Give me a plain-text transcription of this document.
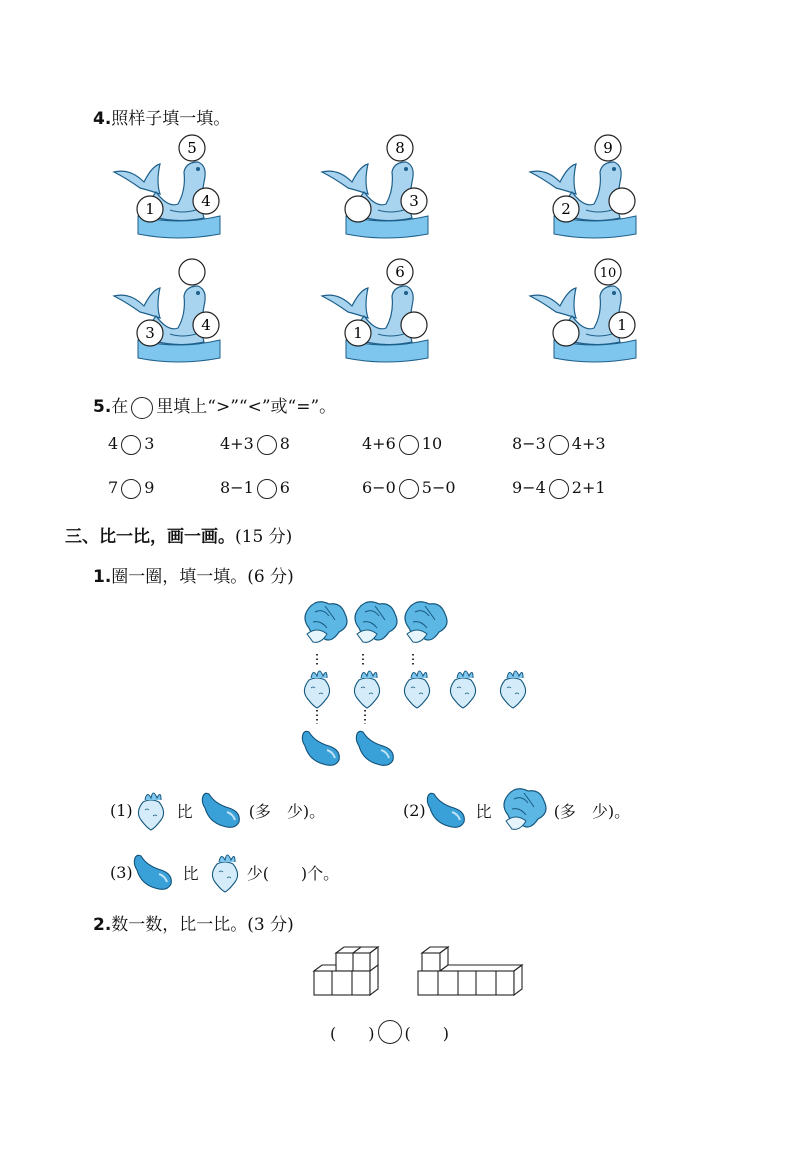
4.照样子填一填。
5
1	4
8
3
9
2
3	4
6
1
10
1
5.在 里填上“>”“<”或“=”。
4 3	4+3 8	4+6 10	8−3 4+3
7 9	8−1 6	6−0 5−0	9−4 2+1
三、比一比，画一画。(15 分)
1.圈一圈，填一填。(6 分)
(1)	比	(多　少)。	(2)	比	(多　少)。
(3)	比	少(　　)个。
2.数一数，比一比。(3 分)
(　　) (　　)
